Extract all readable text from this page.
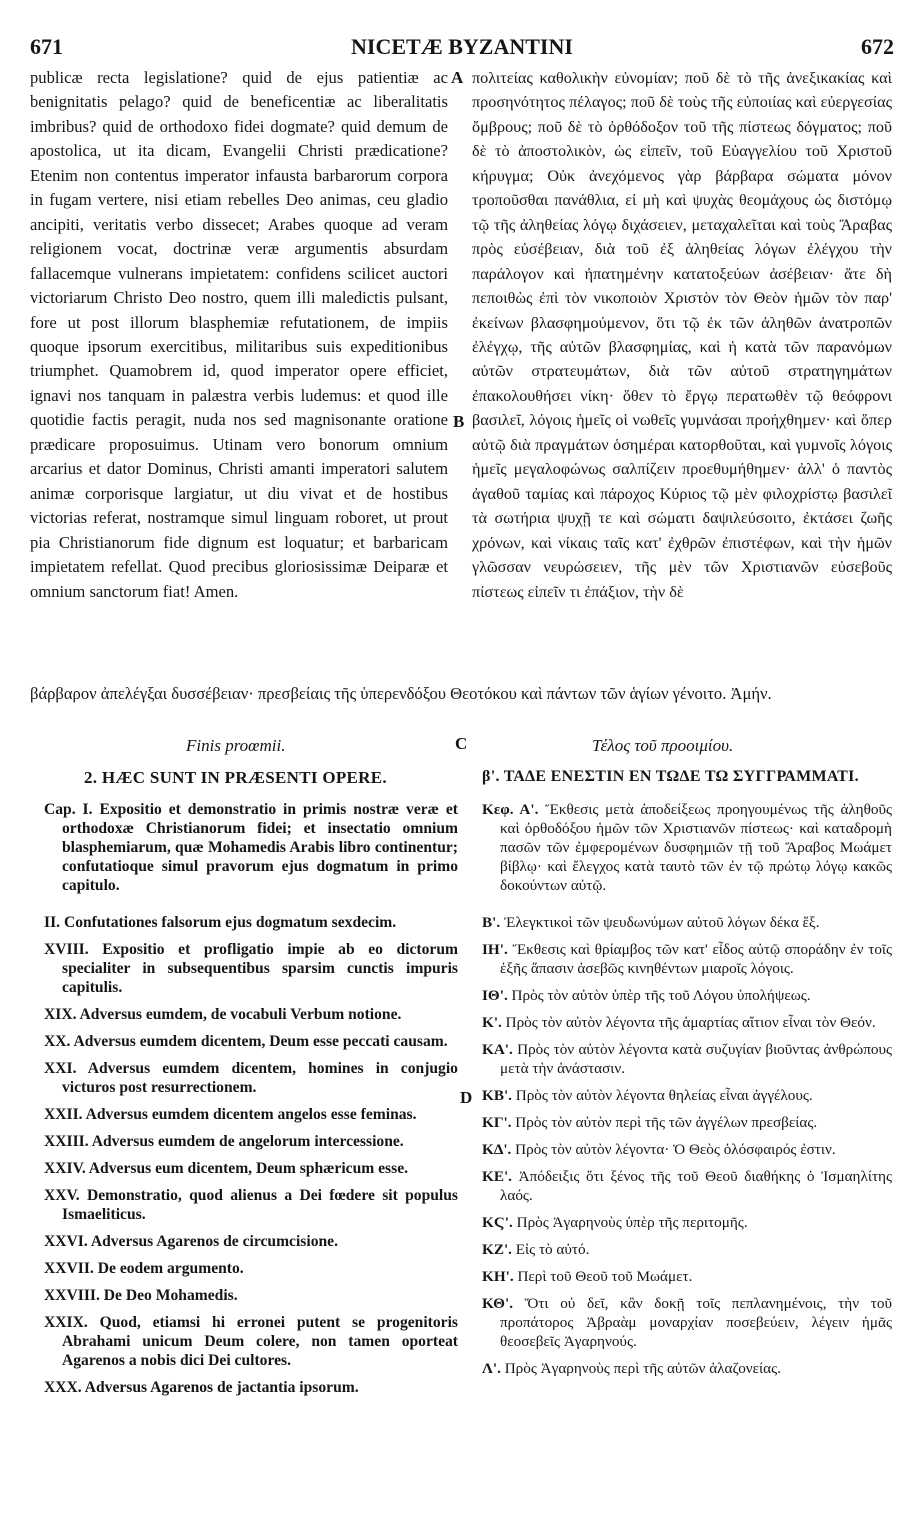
671	NICETÆ BYZANTINI	672

publicæ recta legislatione? quid de ejus patientiæ ac benignitatis pelago? quid de beneficentiæ ac liberalitatis imbribus? quid de orthodoxo fidei dogmate? quid demum de apostolica, ut ita dicam, Evangelii Christi prædicatione? Etenim non contentus imperator infausta barbarorum corpora in fugam vertere, nisi etiam rebelles Deo animas, ceu gladio ancipiti, veritatis verbo dissecet; Arabes quoque ad veram religionem vocat, doctrinæ veræ argumentis absurdam fallacemque vulnerans impietatem: confidens scilicet auctori victoriarum Christo Deo nostro, quem illi maledictis pulsant, fore ut post illorum blasphemiæ refutationem, de impiis quoque ipsorum exercitibus, militaribus suis expeditionibus triumphet. Quamobrem id, quod imperator opere efficiet, ignavi nos tanquam in palæstra verbis ludemus: et quod ille quotidie factis peragit, nuda nos sed magnisonante oratione prædicare proposuimus. Utinam vero bonorum omnium arcarius et dator Dominus, Christi amanti imperatori salutem animæ corporisque largiatur, ut diu vivat et de hostibus victorias referat, nostramque simul linguam roboret, ut prout pia Christianorum fide dignum est loquatur; et barbaricam impietatem refellat. Quod precibus gloriosissimæ Deiparæ et omnium sanctorum fiat! Amen.

πολιτείας καθολικὴν εὐνομίαν; ποῦ δὲ τὸ τῆς ἀνεξικακίας καὶ προσηνότητος πέλαγος; ποῦ δὲ τοὺς τῆς εὐποιίας καὶ εὐεργεσίας ὄμβρους; ποῦ δὲ τὸ ὀρθόδοξον τοῦ τῆς πίστεως δόγματος; ποῦ δὲ τὸ ἀποστολικὸν, ὡς εἰπεῖν, τοῦ Εὐαγγελίου τοῦ Χριστοῦ κήρυγμα; Οὐκ ἀνεχόμενος γὰρ βάρβαρα σώματα μόνον τροποῦσθαι πανάθλια, εἰ μὴ καὶ ψυχὰς θεομάχους ὡς διστόμῳ τῷ τῆς ἀληθείας λόγῳ διχάσειεν, μεταχαλεῖται καὶ τοὺς Ἄραβας πρὸς εὐσέβειαν, διὰ τοῦ ἐξ ἀληθείας λόγων ἐλέγχου τὴν παράλογον καὶ ἠπατημένην κατατοξεύων ἀσέβειαν· ἅτε δὴ πεποιθὼς ἐπὶ τὸν νικοποιὸν Χριστὸν τὸν Θεὸν ἡμῶν τὸν παρ' ἐκείνων βλασφημούμενον, ὅτι τῷ ἐκ τῶν ἀληθῶν ἀνατροπῶν ἐλέγχῳ, τῆς αὐτῶν βλασφημίας, καὶ ἡ κατὰ τῶν παρανόμων αὐτῶν στρατευμάτων, διὰ τῶν αὐτοῦ στρατηγημάτων ἐπακολουθήσει νίκη· ὅθεν τὸ ἔργῳ περατωθὲν τῷ θεόφρονι βασιλεῖ, λόγοις ἡμεῖς οἱ νωθεῖς γυμνάσαι προήχθημεν· καὶ ὅπερ αὐτῷ διὰ πραγμάτων ὁσημέραι κατορθοῦται, καὶ γυμνοῖς λόγοις ἡμεῖς μεγαλοφώνως σαλπίζειν προεθυμήθημεν· ἀλλ' ὁ παντὸς ἀγαθοῦ ταμίας καὶ πάροχος Κύριος τῷ μὲν φιλοχρίστῳ βασιλεῖ τὰ σωτήρια ψυχῇ τε καὶ σώματι δαψιλεύσοιτο, ἐκτάσει ζωῆς χρόνων, καὶ νίκαις ταῖς κατ' ἐχθρῶν ἐπιστέφων, καὶ τὴν ἡμῶν γλῶσσαν νευρώσειεν, τῆς μὲν τῶν Χριστιανῶν εὐσεβοῦς πίστεως εἰπεῖν τι ἐπάξιον, τὴν δὲ

βάρβαρον ἀπελέγξαι δυσσέβειαν· πρεσβείαις τῆς ὑπερενδόξου Θεοτόκου καὶ πάντων τῶν ἁγίων γένοιτο. Ἀμήν.

A
B
C
D
Finis proœmii.	Τέλος τοῦ προοιμίου.
2. HÆC SUNT IN PRÆSENTI OPERE.	β'. ΤΑΔΕ ΕΝΕΣΤΙΝ ΕΝ ΤΩΔΕ ΤΩ ΣΥΓΓΡΑΜΜΑΤΙ.
Cap. I. Expositio et demonstratio in primis nostræ veræ et orthodoxæ Christianorum fidei; et insectatio omnium blasphemiarum, quæ Mohamedis Arabis libro continentur; confutatioque simul pravorum ejus dogmatum in primo capitulo.
II. Confutationes falsorum ejus dogmatum sexdecim.
XVIII. Expositio et profligatio impie ab eo dictorum specialiter in subsequentibus sparsim cunctis impuris capitulis.
XIX. Adversus eumdem, de vocabuli Verbum notione.
XX. Adversus eumdem dicentem, Deum esse peccati causam.
XXI. Adversus eumdem dicentem, homines in conjugio victuros post resurrectionem.
XXII. Adversus eumdem dicentem angelos esse feminas.
XXIII. Adversus eumdem de angelorum intercessione.
XXIV. Adversus eum dicentem, Deum sphæricum esse.
XXV. Demonstratio, quod alienus a Dei fœdere sit populus Ismaeliticus.
XXVI. Adversus Agarenos de circumcisione.
XXVII. De eodem argumento.
XXVIII. De Deo Mohamedis.
XXIX. Quod, etiamsi hi erronei putent se progenitoris Abrahami unicum Deum colere, non tamen oporteat Agarenos a nobis dici Dei cultores.
XXX. Adversus Agarenos de jactantia ipsorum.
Κεφ. Α'. Ἔκθεσις μετὰ ἀποδείξεως προηγουμένως τῆς ἀληθοῦς καὶ ὀρθοδόξου ἡμῶν τῶν Χριστιανῶν πίστεως· καὶ καταδρομὴ πασῶν τῶν ἐμφερομένων δυσφημιῶν τῇ τοῦ Ἄραβος Μωάμετ βίβλῳ· καὶ ἔλεγχος κατὰ ταυτὸ τῶν ἐν τῷ πρώτῳ λόγῳ κακῶς δοκούντων αὐτῷ.
Β'. Ἐλεγκτικοὶ τῶν ψευδωνύμων αὐτοῦ λόγων δέκα ἕξ.
ΙΗ'. Ἔκθεσις καὶ θρίαμβος τῶν κατ' εἶδος αὐτῷ σποράδην ἐν τοῖς ἑξῆς ἅπασιν ἀσεβῶς κινηθέντων μιαροῖς λόγοις.
ΙΘ'. Πρὸς τὸν αὐτὸν ὑπὲρ τῆς τοῦ Λόγου ὑπολήψεως.
Κ'. Πρὸς τὸν αὐτὸν λέγοντα τῆς ἁμαρτίας αἴτιον εἶναι τὸν Θεόν.
ΚΑ'. Πρὸς τὸν αὐτὸν λέγοντα κατὰ συζυγίαν βιοῦντας ἀνθρώπους μετὰ τὴν ἀνάστασιν.
ΚΒ'. Πρὸς τὸν αὐτὸν λέγοντα θηλείας εἶναι ἀγγέλους.
ΚΓ'. Πρὸς τὸν αὐτὸν περὶ τῆς τῶν ἀγγέλων πρεσβείας.
ΚΔ'. Πρὸς τὸν αὐτὸν λέγοντα· Ὁ Θεὸς ὁλόσφαιρός ἐστιν.
ΚΕ'. Ἀπόδειξις ὅτι ξένος τῆς τοῦ Θεοῦ διαθήκης ὁ Ἰσμαηλίτης λαός.
ΚϚ'. Πρὸς Ἀγαρηνοὺς ὑπὲρ τῆς περιτομῆς.
ΚΖ'. Εἰς τὸ αὐτό.
ΚΗ'. Περὶ τοῦ Θεοῦ τοῦ Μωάμετ.
ΚΘ'. Ὅτι οὐ δεῖ, κἂν δοκῇ τοῖς πεπλανημένοις, τὴν τοῦ προπάτορος Ἀβραὰμ μοναρχίαν ποσεβεύειν, λέγειν ἡμᾶς θεοσεβεῖς Ἀγαρηνούς.
Λ'. Πρὸς Ἀγαρηνοὺς περὶ τῆς αὐτῶν ἀλαζονείας.
